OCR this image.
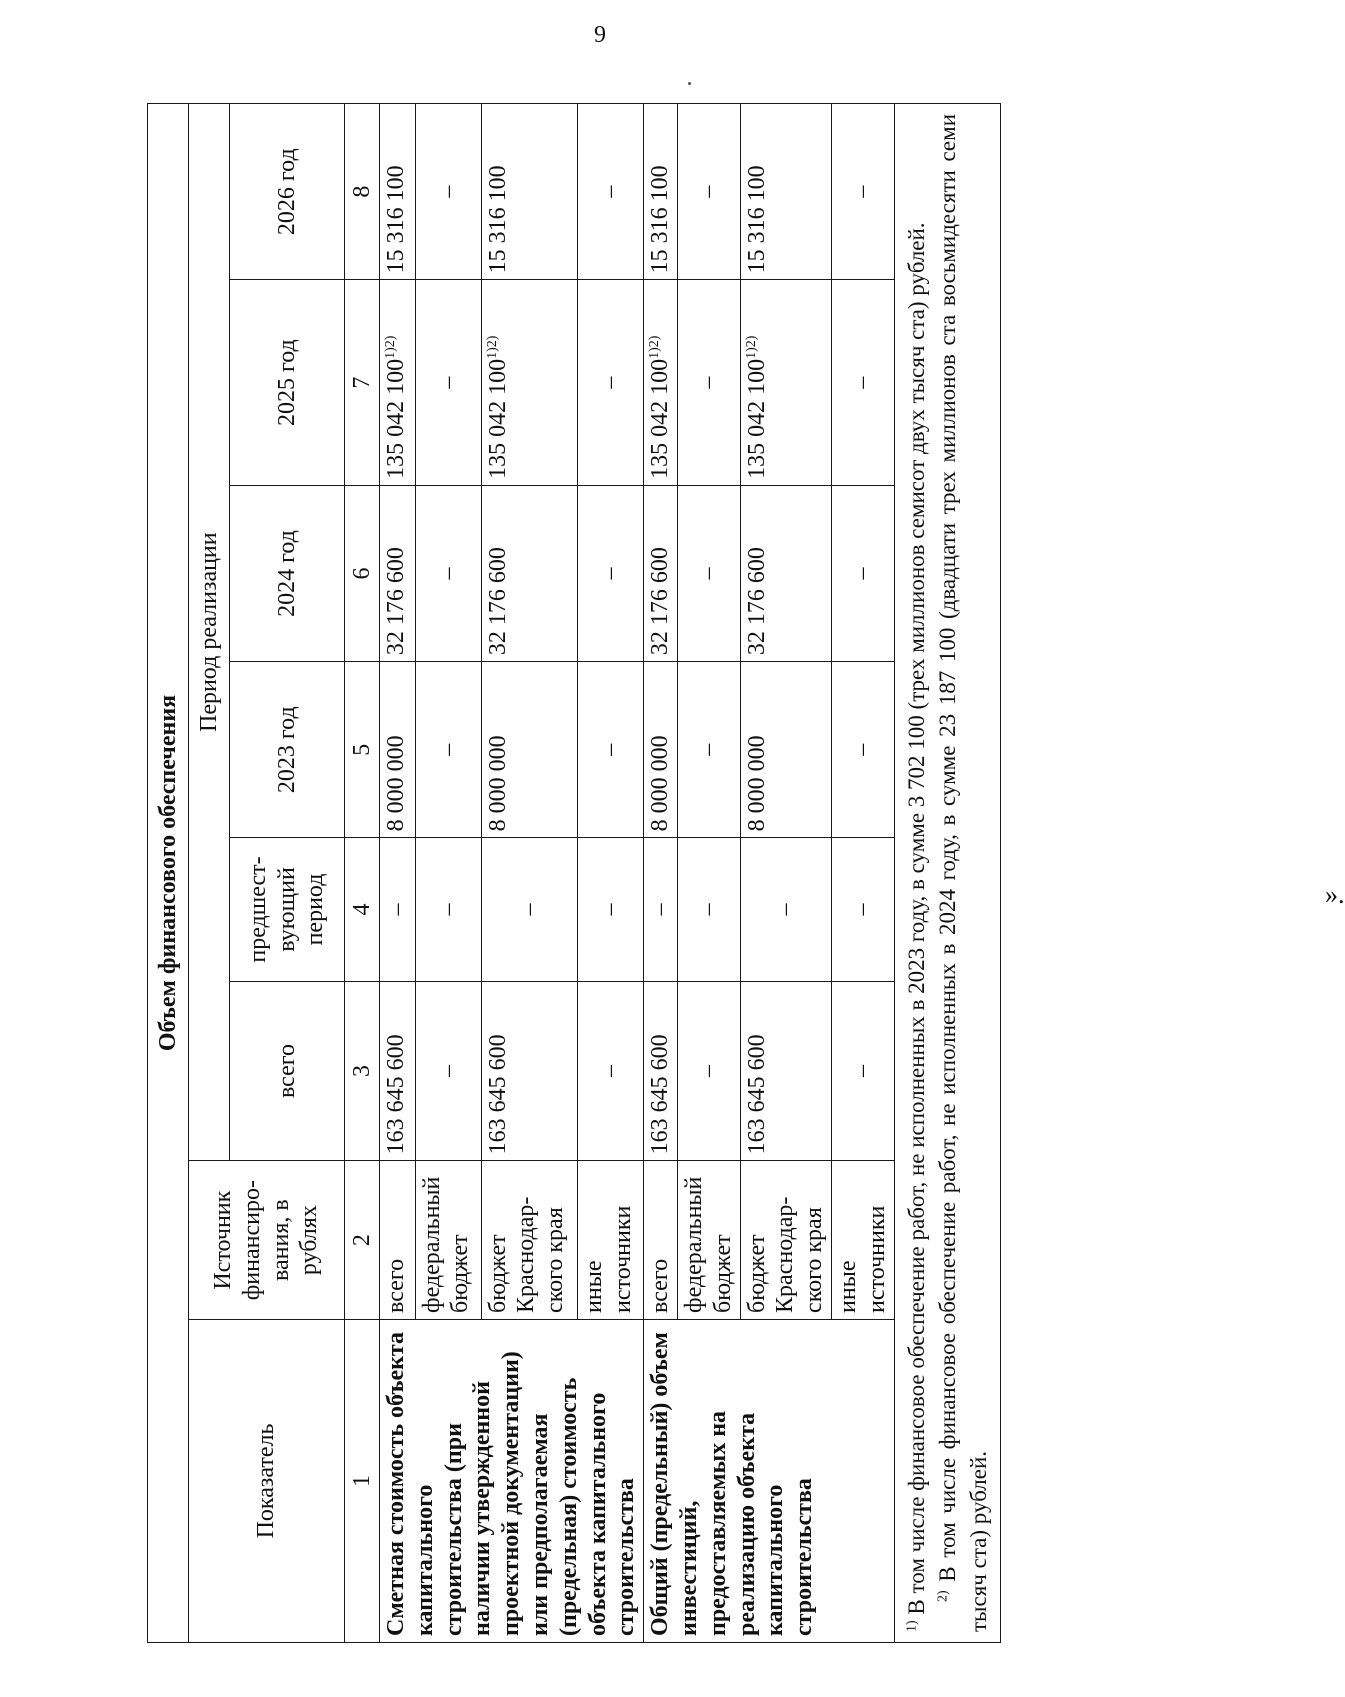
9
Объем финансового обеспечения							
Показатель	Источник финансиро-вания, в рублях	Период реализации					
		всего	предшест-вующий период	2023 год	2024 год	2025 год	2026 год
1	2	3	4	5	6	7	8
Сметная стоимость объекта капитального строительства (при наличии утвержденной проектной документации) или предполагаемая (предельная) стоимость объекта капитального строительства	всего	163 645 600	–	8 000 000	32 176 600	135 042 $100^{1)2)}$	15 316 100
	федеральный бюджет	–	–	–	–	–	–
	бюджет Краснодар-ского края	163 645 600	–	8 000 000	32 176 600	135 042 $100^{1)2)}$	15 316 100
	иные источники	–	–	–	–	–	–
Общий (предельный) объем инвестиций, предоставляемых на реализацию объекта капитального строительства	всего	163 645 600	–	8 000 000	32 176 600	135 042 $100^{1)2)}$	15 316 100
	федеральный бюджет	–	–	–	–	–	–
	бюджет Краснодар-ского края	163 645 600	–	8 000 000	32 176 600	135 042 $100^{1)2)}$	15 316 100
	иные источники	–	–	–	–	–	–

$^{1)}$ В том числе финансовое обеспечение работ, не исполненных в 2023 году, в сумме 3 702 100 (трех миллионов семисот двух тысяч ста) рублей. $^{2)}$ В том числе финансовое обеспечение работ, не исполненных в 2024 году, в сумме 23 187 100 (двадцати трех миллионов ста восьмидесяти семи тысяч ста) рублей.							
».
